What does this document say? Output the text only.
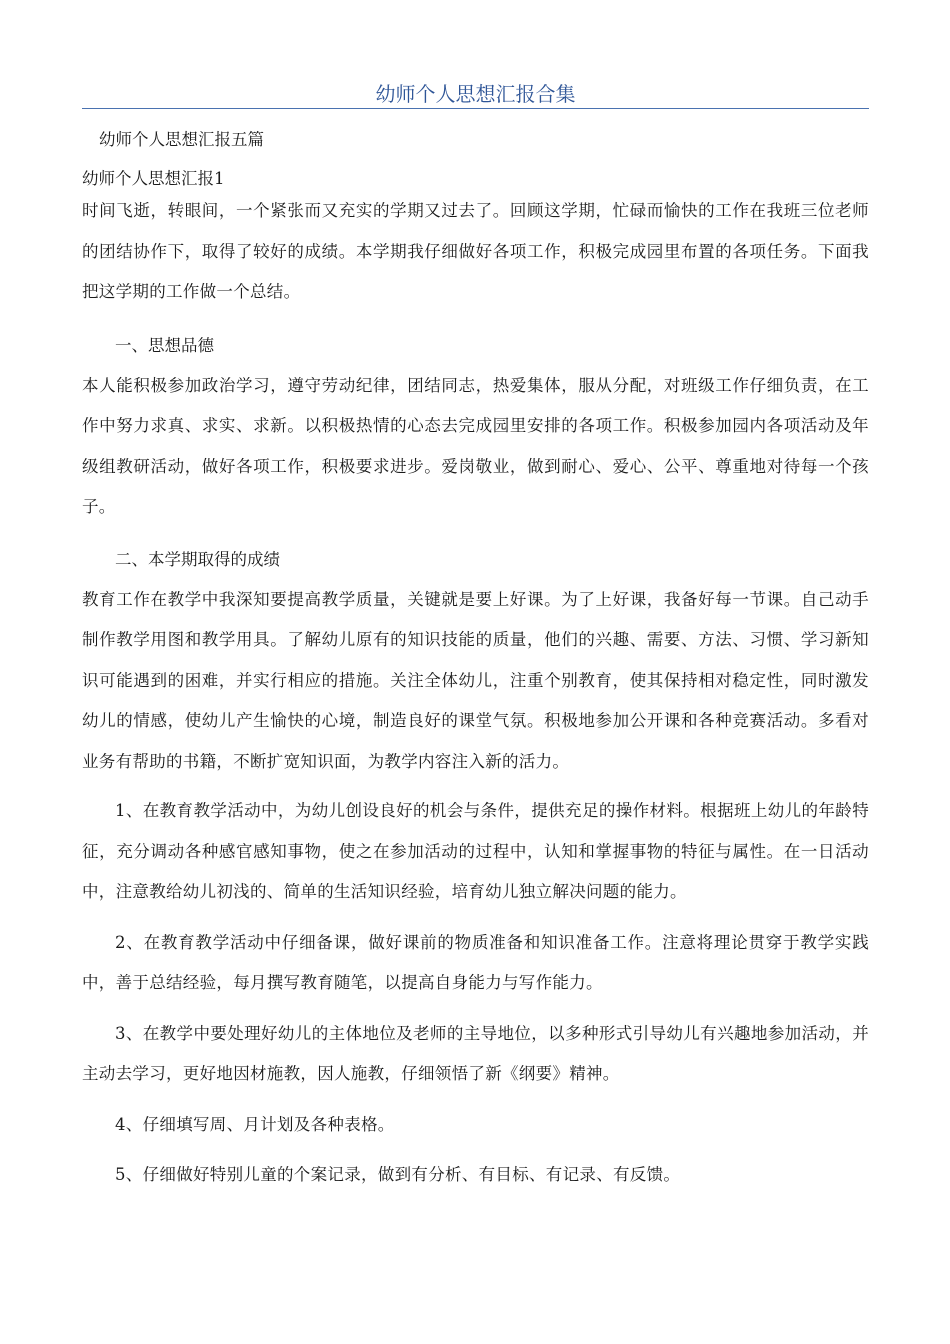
幼师个人思想汇报合集
幼师个人思想汇报五篇
幼师个人思想汇报1

时间飞逝，转眼间，一个紧张而又充实的学期又过去了。回顾这学期，忙碌而愉快的工作在我班三位老师的团结协作下，取得了较好的成绩。本学期我仔细做好各项工作，积极完成园里布置的各项任务。下面我把这学期的工作做一个总结。

一、思想品德

本人能积极参加政治学习，遵守劳动纪律，团结同志，热爱集体，服从分配，对班级工作仔细负责，在工作中努力求真、求实、求新。以积极热情的心态去完成园里安排的各项工作。积极参加园内各项活动及年级组教研活动，做好各项工作，积极要求进步。爱岗敬业，做到耐心、爱心、公平、尊重地对待每一个孩子。

二、本学期取得的成绩

教育工作在教学中我深知要提高教学质量，关键就是要上好课。为了上好课，我备好每一节课。自己动手制作教学用图和教学用具。了解幼儿原有的知识技能的质量，他们的兴趣、需要、方法、习惯、学习新知识可能遇到的困难，并实行相应的措施。关注全体幼儿，注重个别教育，使其保持相对稳定性，同时激发幼儿的情感，使幼儿产生愉快的心境，制造良好的课堂气氛。积极地参加公开课和各种竞赛活动。多看对业务有帮助的书籍，不断扩宽知识面，为教学内容注入新的活力。

1、在教育教学活动中，为幼儿创设良好的机会与条件，提供充足的操作材料。根据班上幼儿的年龄特征，充分调动各种感官感知事物，使之在参加活动的过程中，认知和掌握事物的特征与属性。在一日活动中，注意教给幼儿初浅的、简单的生活知识经验，培育幼儿独立解决问题的能力。

2、在教育教学活动中仔细备课，做好课前的物质准备和知识准备工作。注意将理论贯穿于教学实践中，善于总结经验，每月撰写教育随笔，以提高自身能力与写作能力。

3、在教学中要处理好幼儿的主体地位及老师的主导地位，以多种形式引导幼儿有兴趣地参加活动，并主动去学习，更好地因材施教，因人施教，仔细领悟了新《纲要》精神。

4、仔细填写周、月计划及各种表格。

5、仔细做好特别儿童的个案记录，做到有分析、有目标、有记录、有反馈。
